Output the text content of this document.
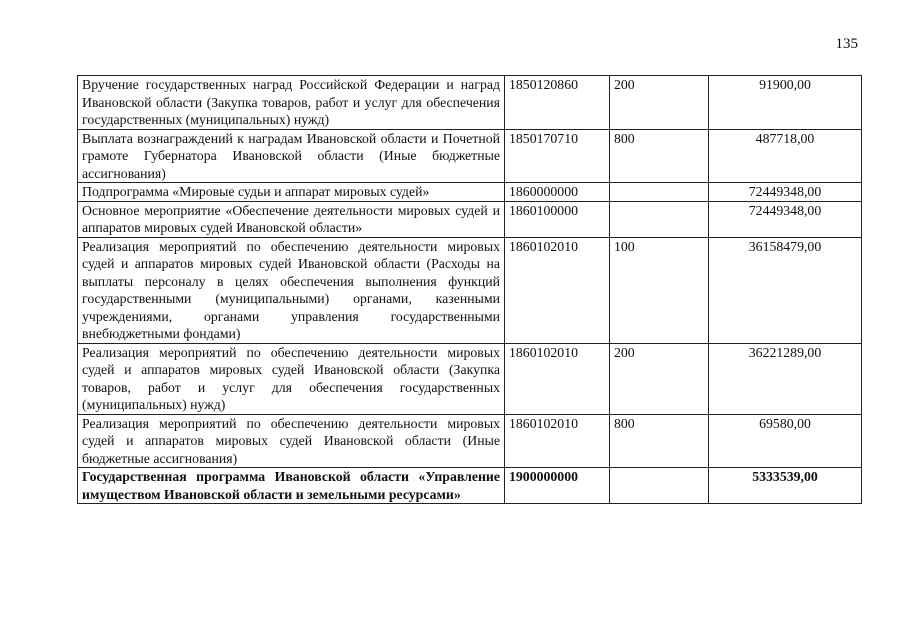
135
Вручение государственных наград Российской Федерации и наград Ивановской области (Закупка товаров, работ и услуг для обеспечения государственных (муниципальных) нужд)	1850120860	200	91900,00
Выплата вознаграждений к наградам Ивановской области и Почетной грамоте Губернатора Ивановской области (Иные бюджетные ассигнования)	1850170710	800	487718,00
Подпрограмма «Мировые судьи и аппарат мировых судей»	1860000000		72449348,00
Основное мероприятие «Обеспечение деятельности мировых судей и аппаратов мировых судей Ивановской области»	1860100000		72449348,00
Реализация мероприятий по обеспечению деятельности мировых судей и аппаратов мировых судей Ивановской области (Расходы на выплаты персоналу в целях обеспечения выполнения функций государственными (муниципальными) органами, казенными учреждениями, органами управления государственными внебюджетными фондами)	1860102010	100	36158479,00
Реализация мероприятий по обеспечению деятельности мировых судей и аппаратов мировых судей Ивановской области (Закупка товаров, работ и услуг для обеспечения государственных (муниципальных) нужд)	1860102010	200	36221289,00
Реализация мероприятий по обеспечению деятельности мировых судей и аппаратов мировых судей Ивановской области (Иные бюджетные ассигнования)	1860102010	800	69580,00
Государственная программа Ивановской области «Управление имуществом Ивановской области и земельными ресурсами»	1900000000		5333539,00
